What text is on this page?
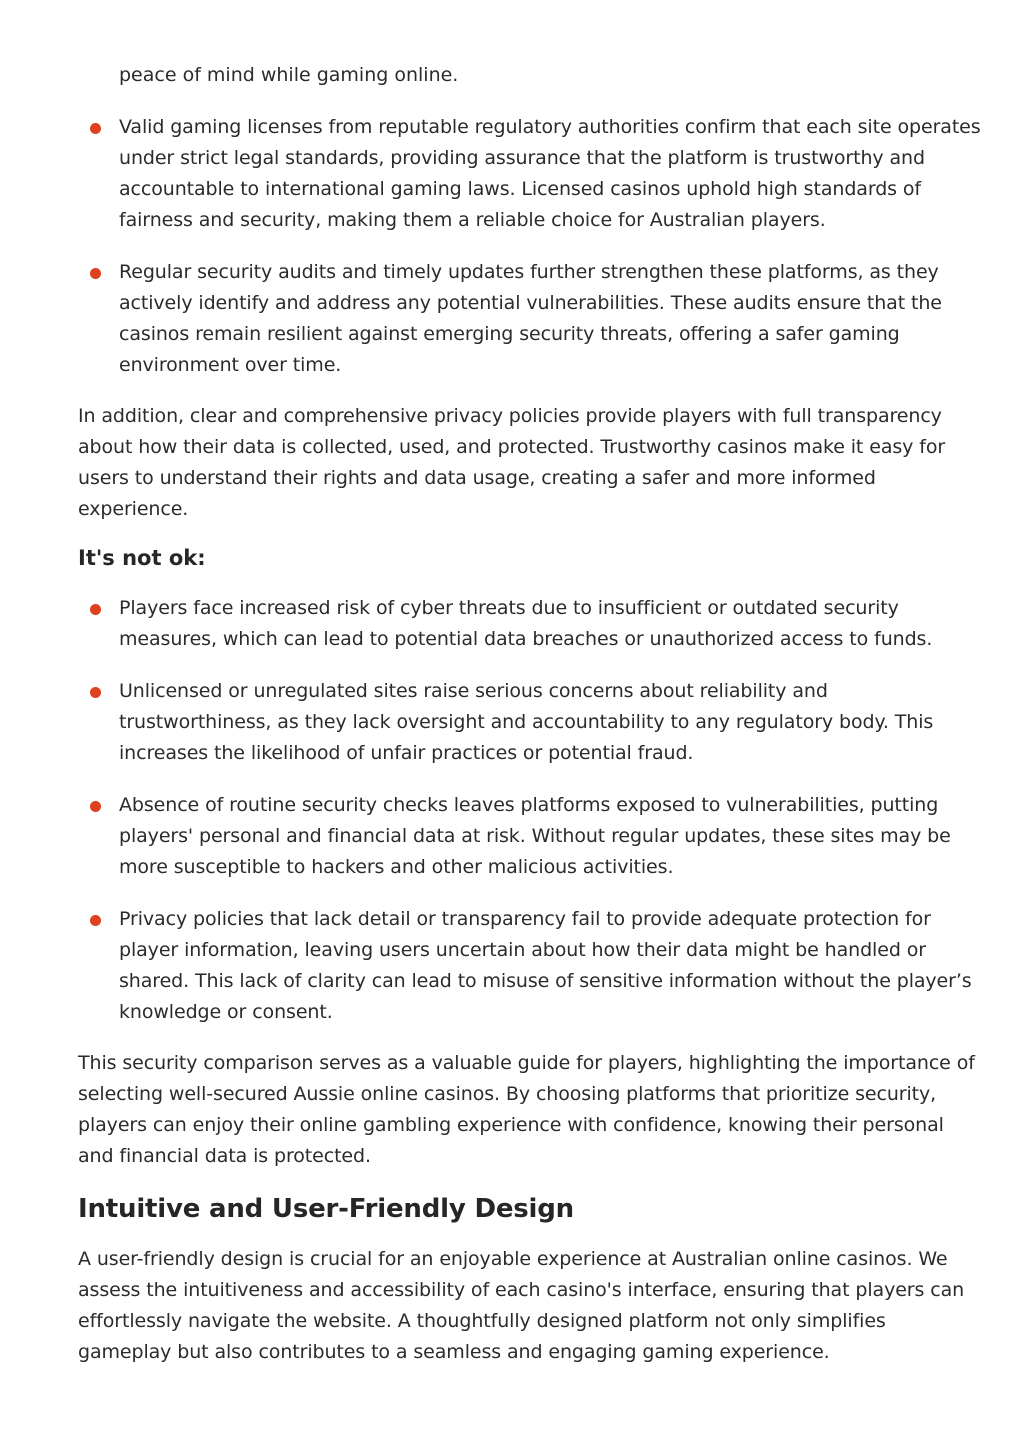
peace of mind while gaming online.

Valid gaming licenses from reputable regulatory authorities confirm that each site operates under strict legal standards, providing assurance that the platform is trustworthy and accountable to international gaming laws. Licensed casinos uphold high standards of fairness and security, making them a reliable choice for Australian players.
Regular security audits and timely updates further strengthen these platforms, as they actively identify and address any potential vulnerabilities. These audits ensure that the casinos remain resilient against emerging security threats, offering a safer gaming environment over time.

In addition, clear and comprehensive privacy policies provide players with full transparency about how their data is collected, used, and protected. Trustworthy casinos make it easy for users to understand their rights and data usage, creating a safer and more informed experience.

It's not ok:
Players face increased risk of cyber threats due to insufficient or outdated security measures, which can lead to potential data breaches or unauthorized access to funds.
Unlicensed or unregulated sites raise serious concerns about reliability and trustworthiness, as they lack oversight and accountability to any regulatory body. This increases the likelihood of unfair practices or potential fraud.
Absence of routine security checks leaves platforms exposed to vulnerabilities, putting players' personal and financial data at risk. Without regular updates, these sites may be more susceptible to hackers and other malicious activities.
Privacy policies that lack detail or transparency fail to provide adequate protection for player information, leaving users uncertain about how their data might be handled or shared. This lack of clarity can lead to misuse of sensitive information without the player’s knowledge or consent.

This security comparison serves as a valuable guide for players, highlighting the importance of selecting well-secured Aussie online casinos. By choosing platforms that prioritize security, players can enjoy their online gambling experience with confidence, knowing their personal and financial data is protected.

Intuitive and User-Friendly Design

A user-friendly design is crucial for an enjoyable experience at Australian online casinos. We assess the intuitiveness and accessibility of each casino's interface, ensuring that players can effortlessly navigate the website. A thoughtfully designed platform not only simplifies gameplay but also contributes to a seamless and engaging gaming experience.
